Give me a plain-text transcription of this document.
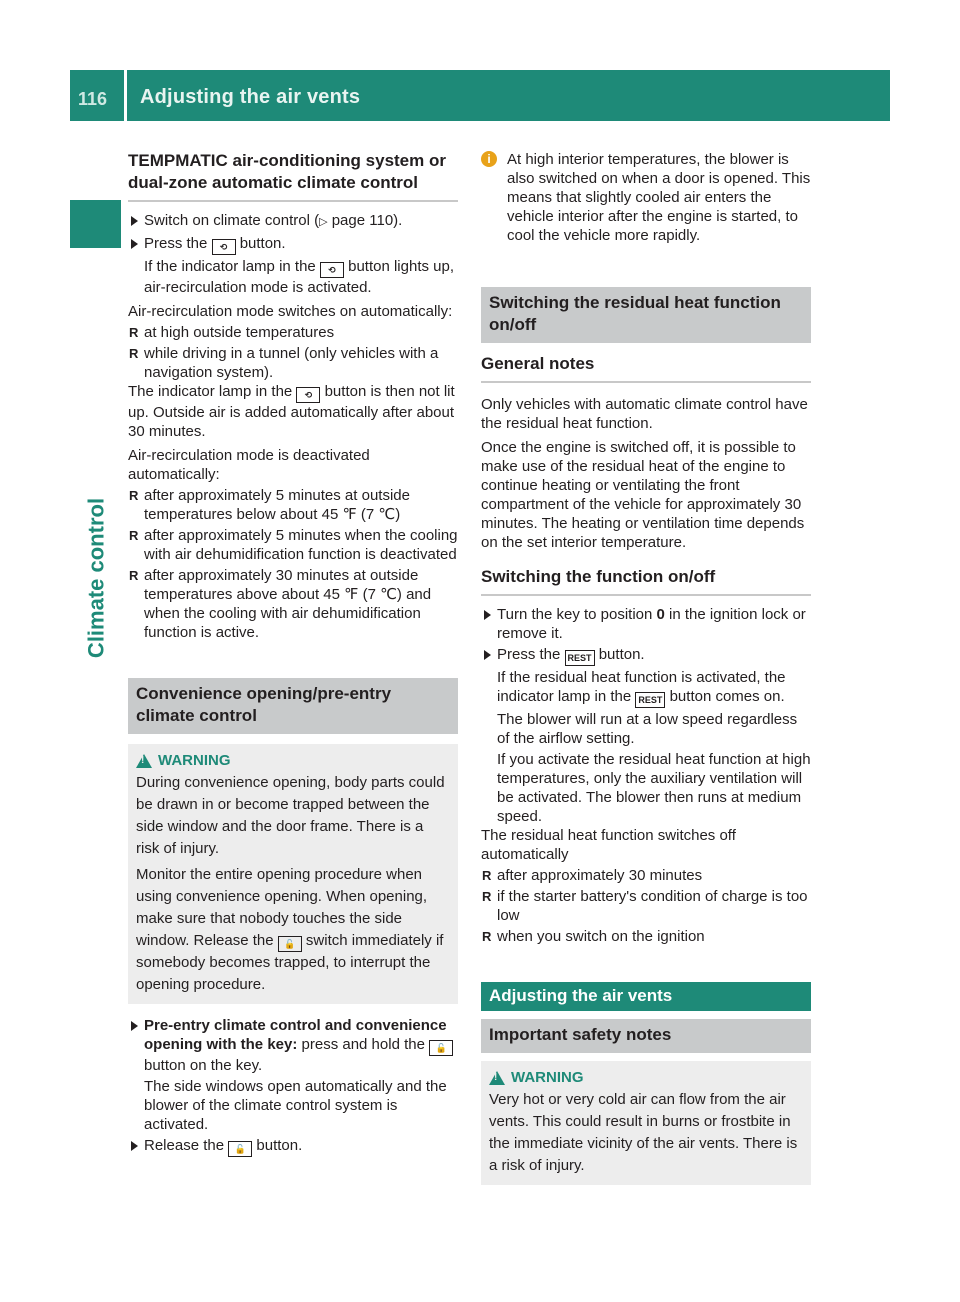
116 Adjusting the air vents
Climate control
TEMPMATIC air-conditioning system or dual-zone automatic climate control

Switch on climate control (▷ page 110).

Press the ⟲ button.

If the indicator lamp in the ⟲ button lights up, air-recirculation mode is activated.

Air-recirculation mode switches on automatically:

R at high outside temperatures

R while driving in a tunnel (only vehicles with a navigation system).

The indicator lamp in the ⟲ button is then not lit up. Outside air is added automatically after about 30 minutes.

Air-recirculation mode is deactivated automatically:

R after approximately 5 minutes at outside temperatures below about 45 ℉ (7 ℃)

R after approximately 5 minutes when the cooling with air dehumidification function is deactivated

R after approximately 30 minutes at outside temperatures above about 45 ℉ (7 ℃) and when the cooling with air dehumidification function is active.

Convenience opening/pre-entry climate control
!
WARNING

During convenience opening, body parts could be drawn in or become trapped between the side window and the door frame. There is a risk of injury.

Monitor the entire opening procedure when using convenience opening. When opening, make sure that nobody touches the side window. Release the 🔓 switch immediately if somebody becomes trapped, to interrupt the opening procedure.

Pre-entry climate control and convenience opening with the key: press and hold the 🔓 button on the key.

The side windows open automatically and the blower of the climate control system is activated.

Release the 🔓 button.

i	At high interior temperatures, the blower is also switched on when a door is opened. This means that slightly cooled air enters the vehicle interior after the engine is started, to cool the vehicle more rapidly.

Switching the residual heat function on/off
General notes

Only vehicles with automatic climate control have the residual heat function.

Once the engine is switched off, it is possible to make use of the residual heat of the engine to continue heating or ventilating the front compartment of the vehicle for approximately 30 minutes. The heating or ventilation time depends on the set interior temperature.

Switching the function on/off

Turn the key to position 0 in the ignition lock or remove it.

Press the REST button.

If the residual heat function is activated, the indicator lamp in the REST button comes on.

The blower will run at a low speed regardless of the airflow setting.

If you activate the residual heat function at high temperatures, only the auxiliary ventilation will be activated. The blower then runs at medium speed.

The residual heat function switches off automatically

R after approximately 30 minutes

R if the starter battery's condition of charge is too low

R when you switch on the ignition

Adjusting the air vents
Important safety notes
!
WARNING

Very hot or very cold air can flow from the air vents. This could result in burns or frostbite in the immediate vicinity of the air vents. There is a risk of injury.
